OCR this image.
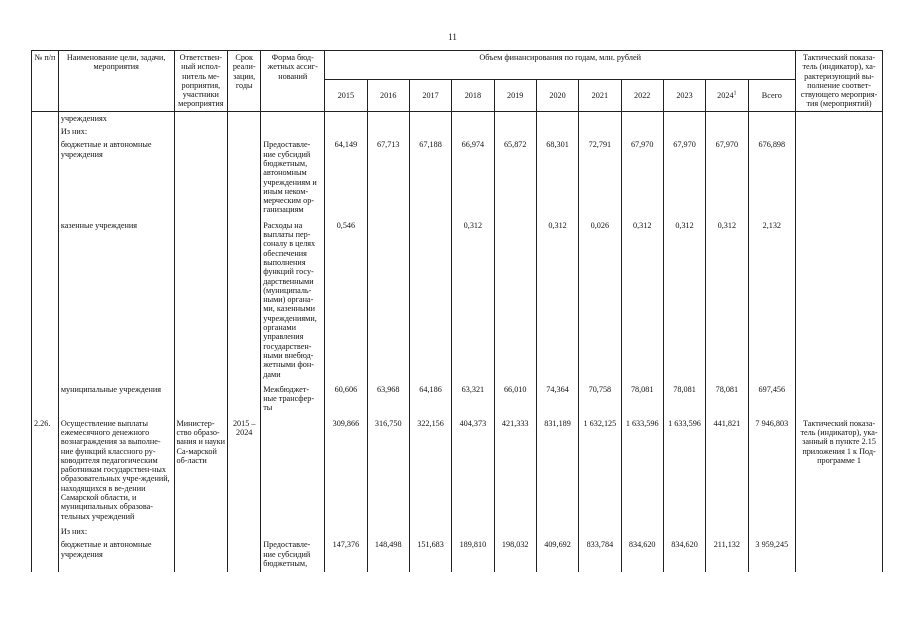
11
№ п/п	Наименование цели, задачи, мероприятия	Ответствен-ный испол-нитель ме-роприятия, участники мероприятия	Срок реали-зации, годы	Форма бюд-жетных ассиг-нований	Объем финансирования по годам, млн. рублей											Тактический показа-тель (индикатор), ха-рактеризующий вы-полнение соответ-ствующего мероприя-тия (мероприятий)
					2015	2016	2017	2018	2019	2020	2021	2022	2023	2024$^1$	Всего	
	учреждениях															
	Из них:															
	бюджетные и автономные учреждения			Предоставле-ние субсидий бюджетным, автономным учреждениям и иным неком-мерческим ор-ганизациям	64,149	67,713	67,188	66,974	65,872	68,301	72,791	67,970	67,970	67,970	676,898	
	казенные учреждения			Расходы на выплаты пер-соналу в целях обеспечения выполнения функций госу-дарственными (муниципаль-ными) органа-ми, казенными учреждениями, органами управления государствен-ными внебюд-жетными фон-дами	0,546			0,312		0,312	0,026	0,312	0,312	0,312	2,132	
	муниципальные учреждения			Межбюджет-ные трансфер-ты	60,606	63,968	64,186	63,321	66,010	74,364	70,758	78,081	78,081	78,081	697,456	
2.26.	Осуществление выплаты ежемесячного денежного вознаграждения за выполне-ние функций классного ру-ководителя педагогическим работникам государствен-ных образовательных учре-ждений, находящихся в ве-дении Самарской области, и муниципальных образова-тельных учреждений	Министер-ство образо-вания и науки Са-марской об-ласти	2015 – 2024		309,866	316,750	322,156	404,373	421,333	831,189	1 632,125	1 633,596	1 633,596	441,821	7 946,803	Тактический показа-тель (индикатор), ука-занный в пункте 2.15 приложения 1 к Под-программе 1
	Из них:															
	бюджетные и автономные учреждения			Предоставле-ние субсидий бюджетным,	147,376	148,498	151,683	189,810	198,032	409,692	833,784	834,620	834,620	211,132	3 959,245	
